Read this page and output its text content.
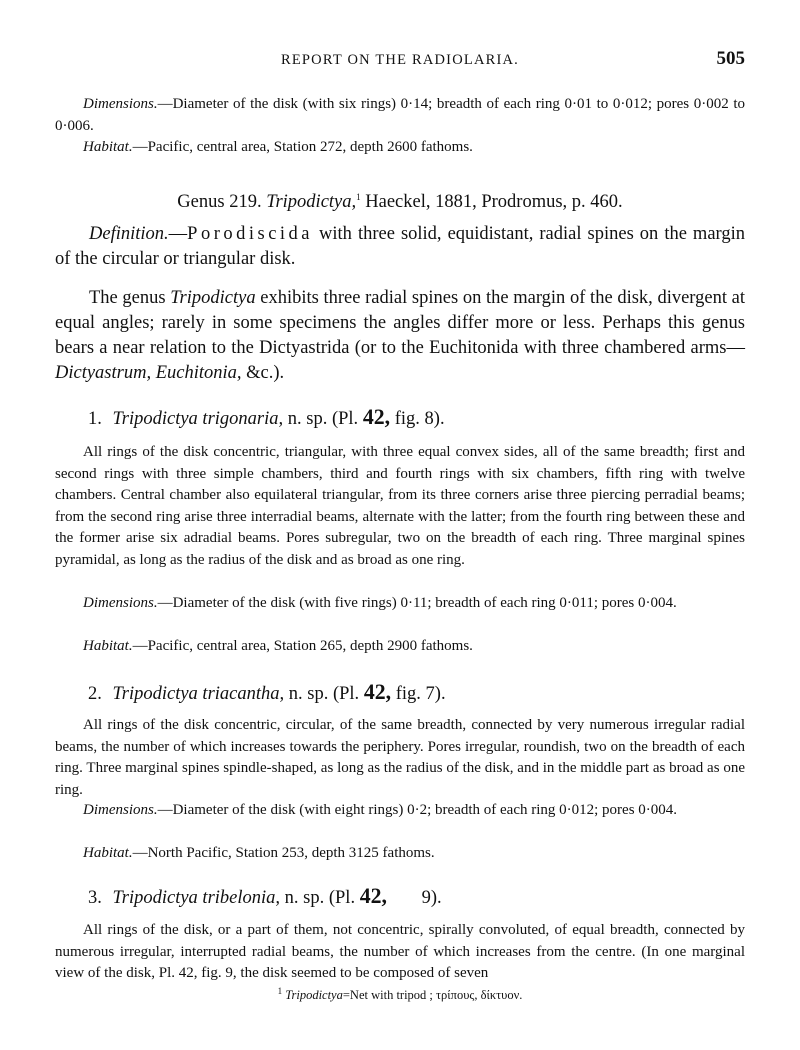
REPORT ON THE RADIOLARIA.	505
Dimensions.—Diameter of the disk (with six rings) 0·14; breadth of each ring 0·01 to 0·012; pores 0·002 to 0·006.
Habitat.—Pacific, central area, Station 272, depth 2600 fathoms.
Genus 219. Tripodictya,$^1$ Haeckel, 1881, Prodromus, p. 460.
Definition.—Porodiscida with three solid, equidistant, radial spines on the margin of the circular or triangular disk.
The genus Tripodictya exhibits three radial spines on the margin of the disk, divergent at equal angles; rarely in some specimens the angles differ more or less. Perhaps this genus bears a near relation to the Dictyastrida (or to the Euchitonida with three chambered arms—Dictyastrum, Euchitonia, &c.).
1. Tripodictya trigonaria, n. sp. (Pl. 42, fig. 8).
All rings of the disk concentric, triangular, with three equal convex sides, all of the same breadth; first and second rings with three simple chambers, third and fourth rings with six chambers, fifth ring with twelve chambers. Central chamber also equilateral triangular, from its three corners arise three piercing perradial beams; from the second ring arise three interradial beams, alternate with the latter; from the fourth ring between these and the former arise six adradial beams. Pores subregular, two on the breadth of each ring. Three marginal spines pyramidal, as long as the radius of the disk and as broad as one ring.
Dimensions.—Diameter of the disk (with five rings) 0·11; breadth of each ring 0·011; pores 0·004.
Habitat.—Pacific, central area, Station 265, depth 2900 fathoms.
2. Tripodictya triacantha, n. sp. (Pl. 42, fig. 7).
All rings of the disk concentric, circular, of the same breadth, connected by very numerous irregular radial beams, the number of which increases towards the periphery. Pores irregular, roundish, two on the breadth of each ring. Three marginal spines spindle-shaped, as long as the radius of the disk, and in the middle part as broad as one ring.
Dimensions.—Diameter of the disk (with eight rings) 0·2; breadth of each ring 0·012; pores 0·004.
Habitat.—North Pacific, Station 253, depth 3125 fathoms.
3. Tripodictya tribelonia, n. sp. (Pl. 42, 9).
All rings of the disk, or a part of them, not concentric, spirally convoluted, of equal breadth, connected by numerous irregular, interrupted radial beams, the number of which increases from the centre. (In one marginal view of the disk, Pl. 42, fig. 9, the disk seemed to be composed of seven
$^1$ Tripodictya=Net with tripod ; τρίπους, δίκτυον.
